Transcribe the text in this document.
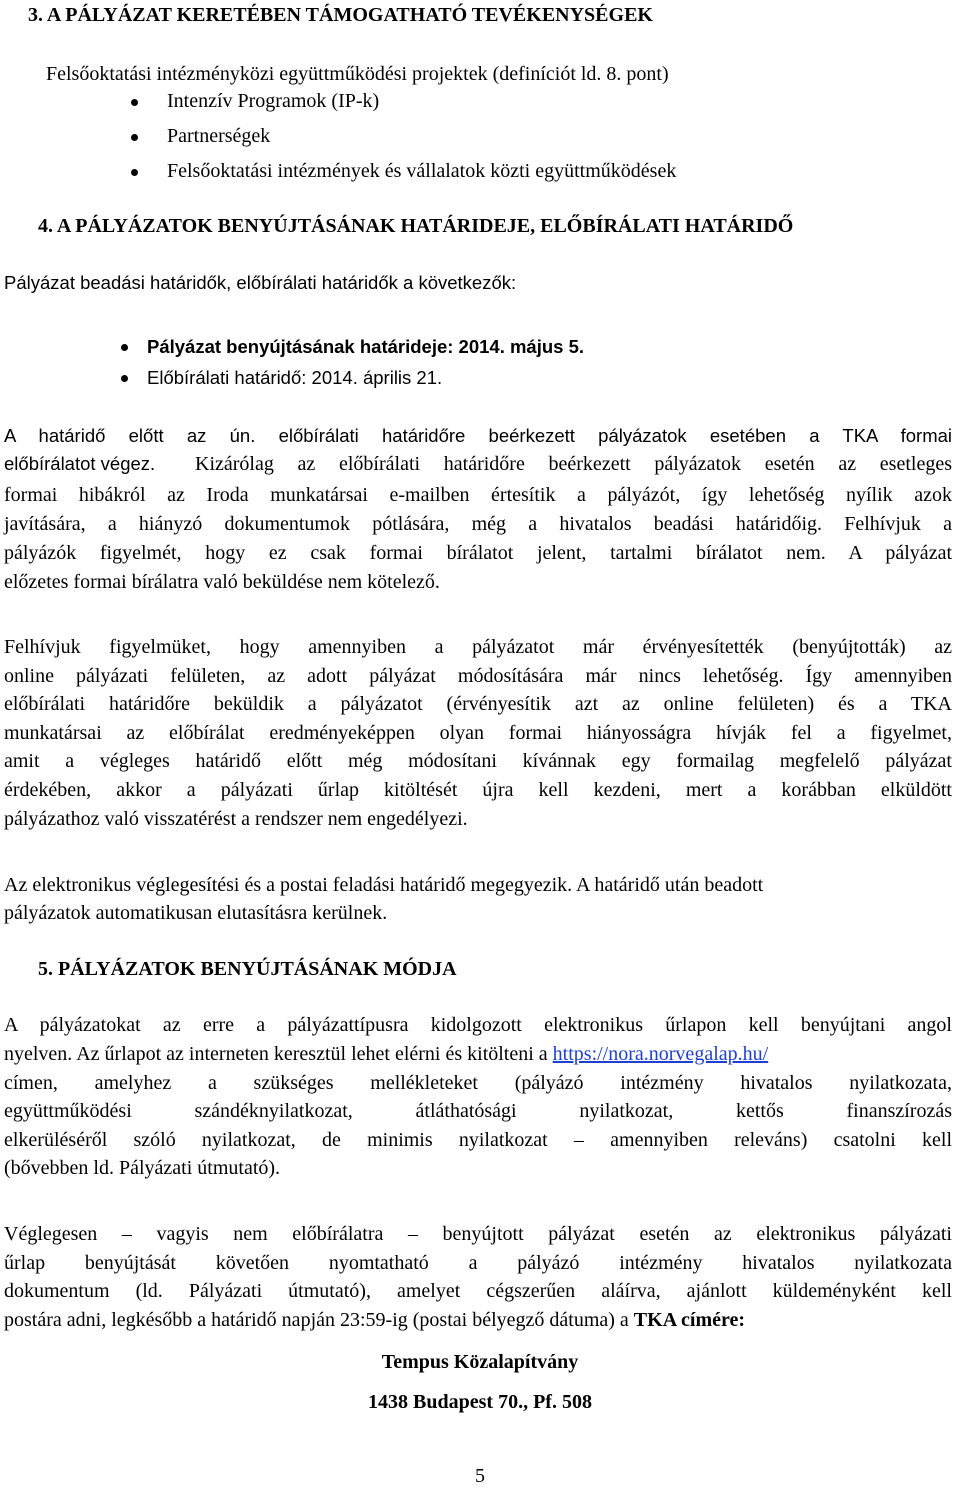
3. A PÁLYÁZAT KERETÉBEN TÁMOGATHATÓ TEVÉKENYSÉGEK
Felsőoktatási intézményközi együttműködési projektek (definíciót ld. 8. pont)
Intenzív Programok (IP-k)
Partnerségek
Felsőoktatási intézmények és vállalatok közti együttműködések
4. A PÁLYÁZATOK BENYÚJTÁSÁNAK HATÁRIDEJE, ELŐBÍRÁLATI HATÁRIDŐ
Pályázat beadási határidők, előbírálati határidők a következők:
Pályázat benyújtásának határideje: 2014. május 5.
Előbírálati határidő: 2014. április 21.
A határidő előtt az ún. előbírálati határidőre beérkezett pályázatok esetében a TKA formai
előbírálatot végez. Kizárólag az előbírálati határidőre beérkezett pályázatok esetén az esetleges
formai hibákról az Iroda munkatársai e-mailben értesítik a pályázót, így lehetőség nyílik azok
javítására, a hiányzó dokumentumok pótlására, még a hivatalos beadási határidőig. Felhívjuk a
pályázók figyelmét, hogy ez csak formai bírálatot jelent, tartalmi bírálatot nem. A pályázat
előzetes formai bírálatra való beküldése nem kötelező.
Felhívjuk figyelmüket, hogy amennyiben a pályázatot már érvényesítették (benyújtották) az
online pályázati felületen, az adott pályázat módosítására már nincs lehetőség. Így amennyiben
előbírálati határidőre beküldik a pályázatot (érvényesítik azt az online felületen) és a TKA
munkatársai az előbírálat eredményeképpen olyan formai hiányosságra hívják fel a figyelmet,
amit a végleges határidő előtt még módosítani kívánnak egy formailag megfelelő pályázat
érdekében, akkor a pályázati űrlap kitöltését újra kell kezdeni, mert a korábban elküldött
pályázathoz való visszatérést a rendszer nem engedélyezi.
Az elektronikus véglegesítési és a postai feladási határidő megegyezik. A határidő után beadott
pályázatok automatikusan elutasításra kerülnek.
5. PÁLYÁZATOK BENYÚJTÁSÁNAK MÓDJA
A pályázatokat az erre a pályázattípusra kidolgozott elektronikus űrlapon kell benyújtani angol
nyelven. Az űrlapot az interneten keresztül lehet elérni és kitölteni a https://nora.norvegalap.hu/
címen, amelyhez a szükséges mellékleteket (pályázó intézmény hivatalos nyilatkozata,
együttműködési szándéknyilatkozat, átláthatósági nyilatkozat, kettős finanszírozás
elkerüléséről szóló nyilatkozat, de minimis nyilatkozat – amennyiben releváns) csatolni kell
(bővebben ld. Pályázati útmutató).
Véglegesen – vagyis nem előbírálatra – benyújtott pályázat esetén az elektronikus pályázati
űrlap benyújtását követően nyomtatható a pályázó intézmény hivatalos nyilatkozata
dokumentum (ld. Pályázati útmutató), amelyet cégszerűen aláírva, ajánlott küldeményként kell
postára adni, legkésőbb a határidő napján 23:59-ig (postai bélyegző dátuma) a TKA címére:
Tempus Közalapítvány
1438 Budapest 70., Pf. 508
5
